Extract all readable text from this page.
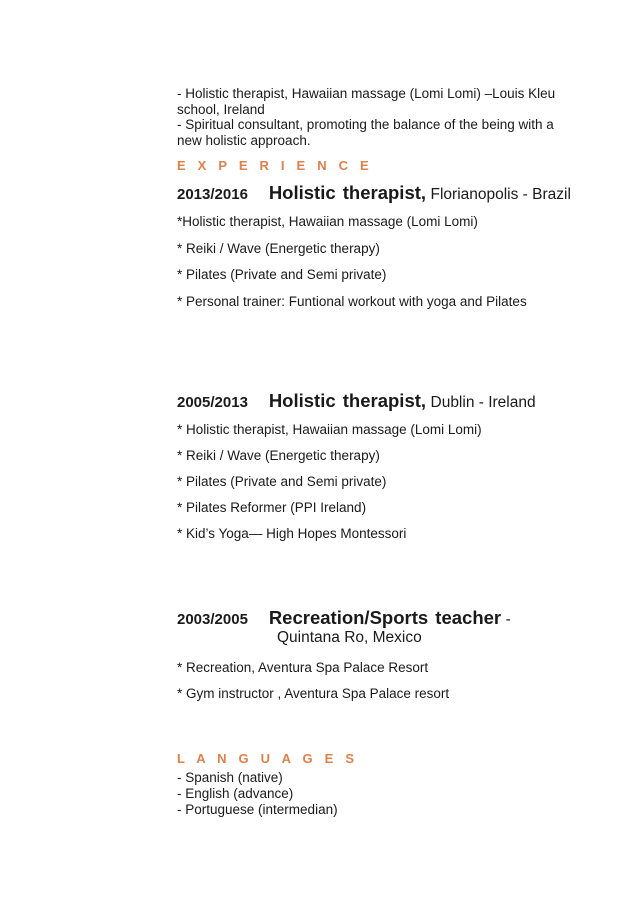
- Holistic therapist, Hawaiian massage (Lomi Lomi) –Louis Kleu
school, Ireland
- Spiritual consultant, promoting the balance of the being with a
new holistic approach.
E X P E R I E N C E
2013/2016 Holistic therapist, Florianopolis - Brazil
*Holistic therapist, Hawaiian massage (Lomi Lomi)
* Reiki / Wave (Energetic therapy)
* Pilates (Private and Semi private)
* Personal trainer: Funtional workout with yoga and Pilates
2005/2013 Holistic therapist, Dublin - Ireland
* Holistic therapist, Hawaiian massage (Lomi Lomi)
* Reiki / Wave (Energetic therapy)
* Pilates (Private and Semi private)
* Pilates Reformer (PPI Ireland)
* Kid’s Yoga— High Hopes Montessori
2003/2005 Recreation/Sports teacher -
Quintana Ro, Mexico
* Recreation, Aventura Spa Palace Resort
* Gym instructor , Aventura Spa Palace resort
L A N G U A G E S
- Spanish (native)
- English (advance)
- Portuguese (intermedian)
